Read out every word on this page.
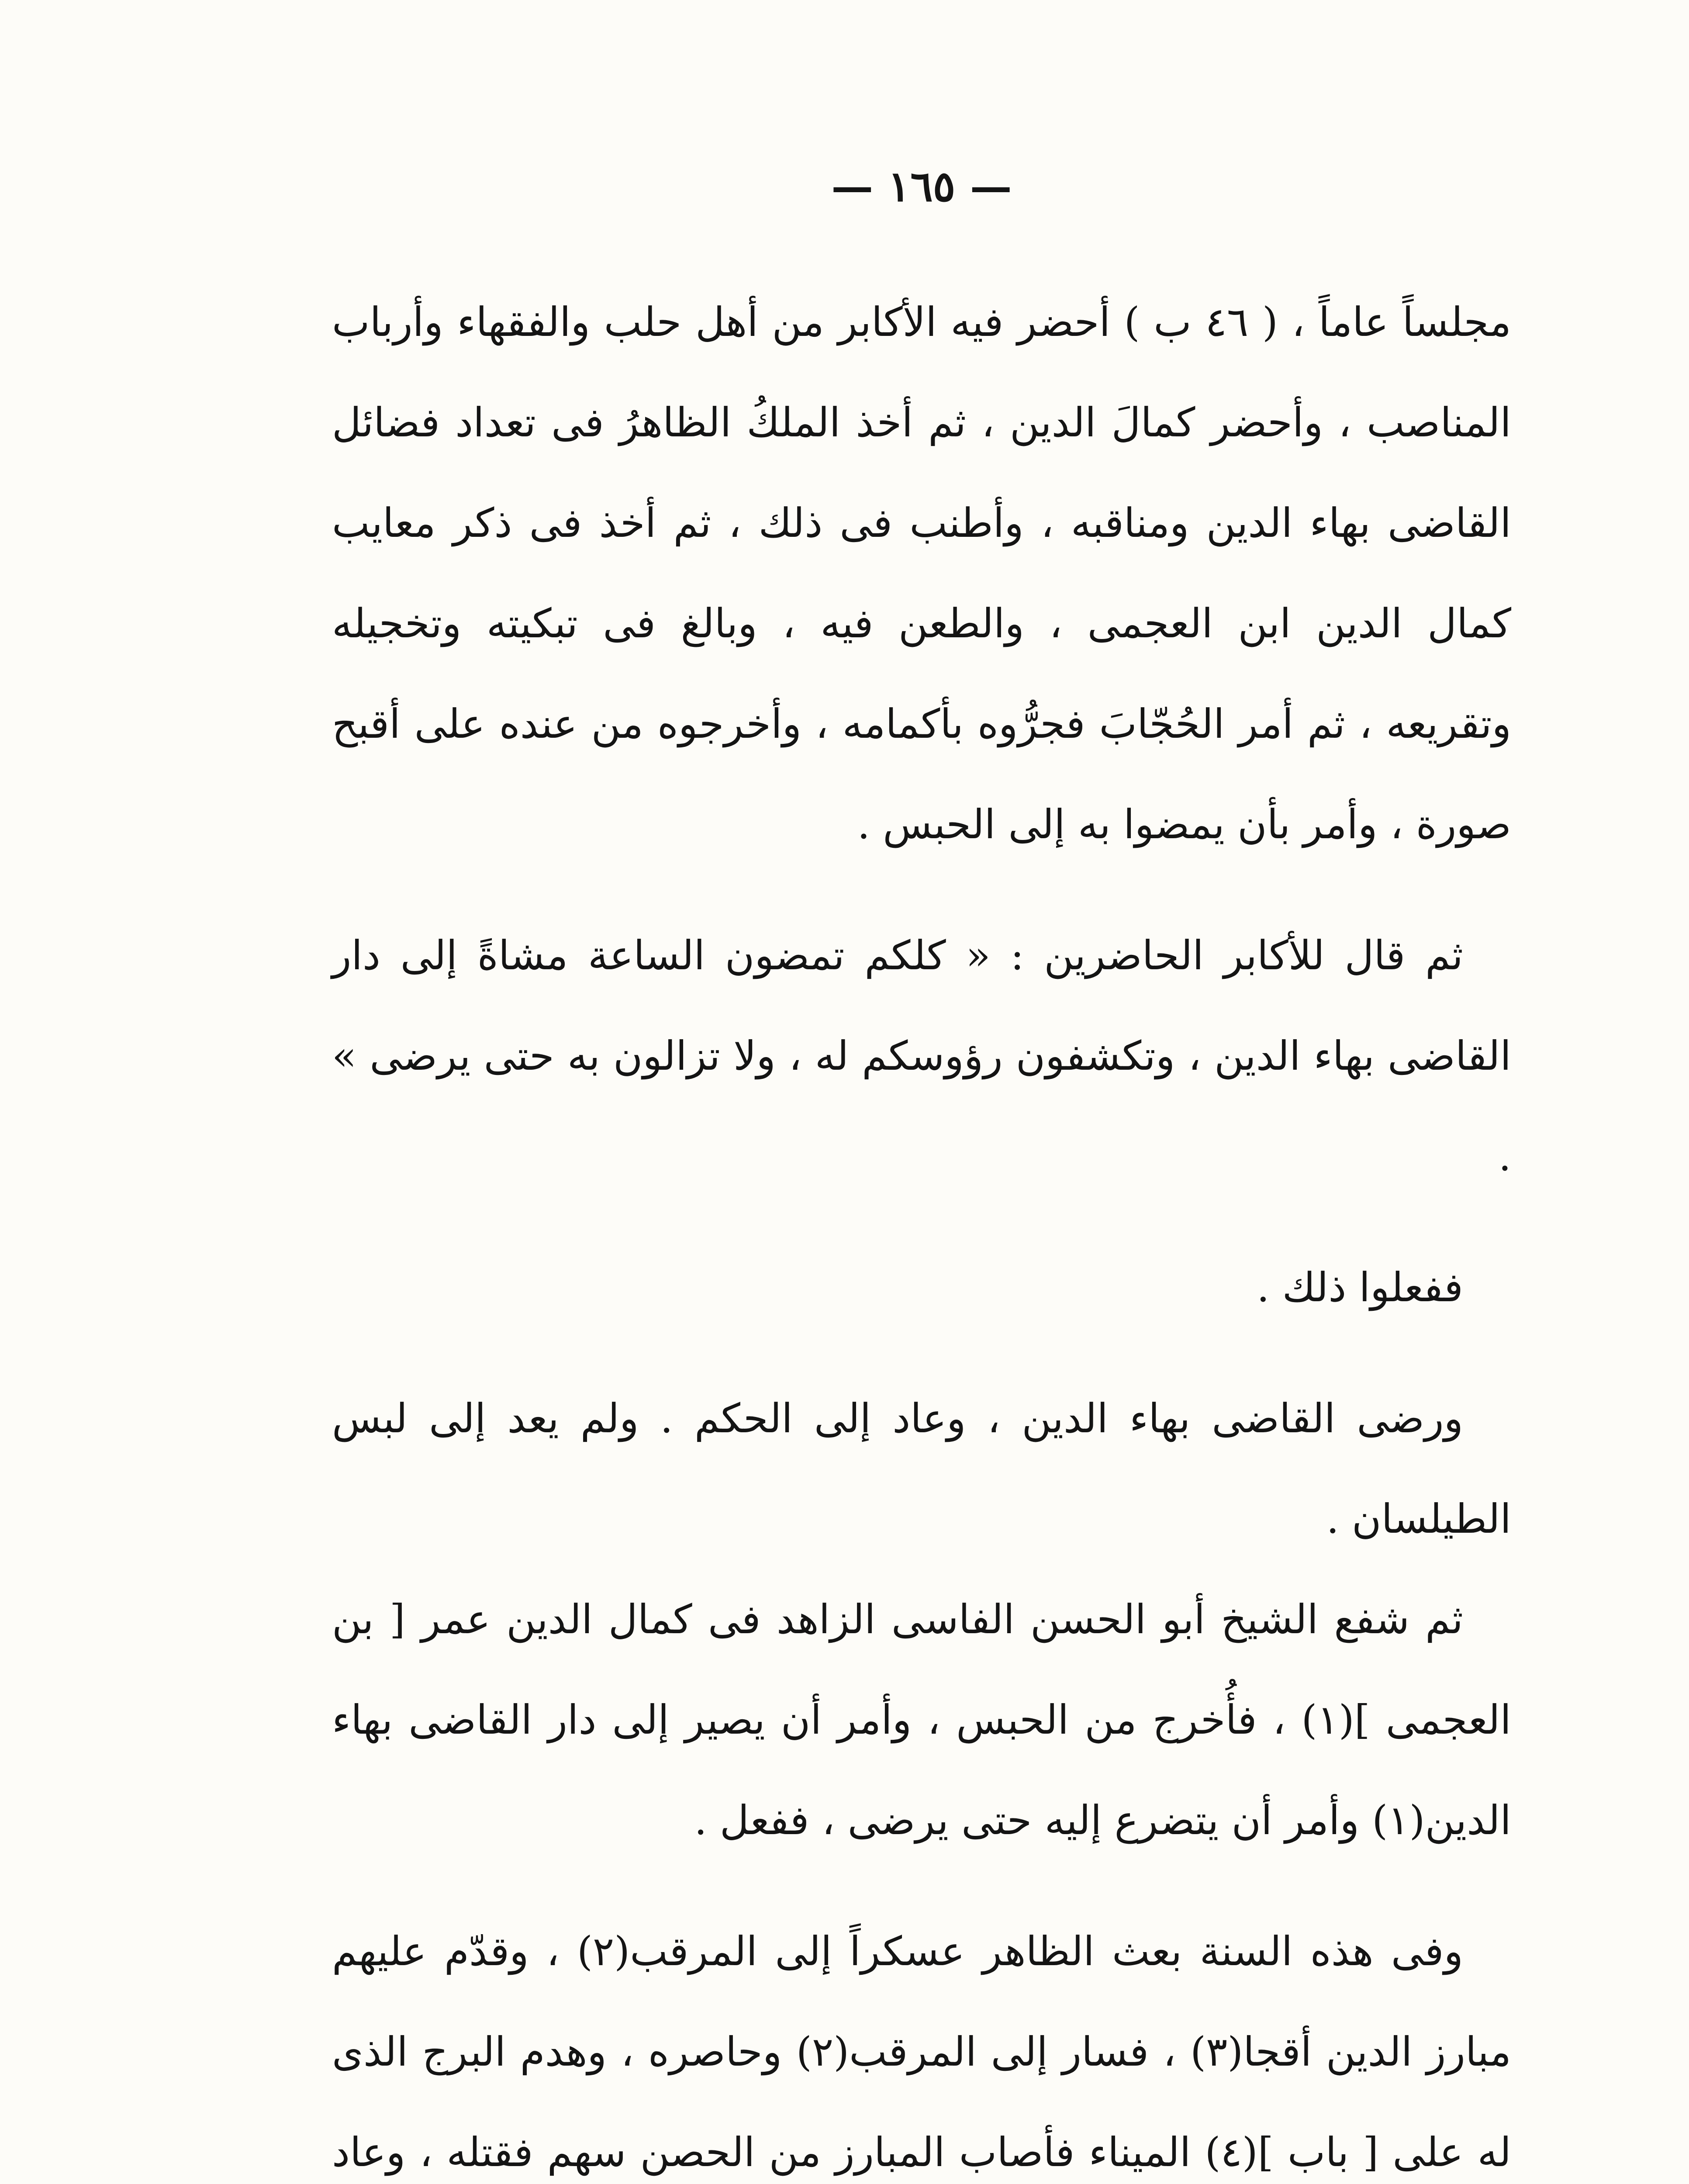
— ١٦٥ —

مجلساً عاماً ، ( ٤٦ ب ) أحضر فيه الأكابر من أهل حلب والفقهاء وأرباب المناصب ، وأحضر كمالَ الدين ، ثم أخذ الملكُ الظاهرُ فى تعداد فضائل القاضى بهاء الدين ومناقبه ، وأطنب فى ذلك ، ثم أخذ فى ذكر معايب كمال الدين ابن العجمى ، والطعن فيه ، وبالغ فى تبكيته وتخجيله وتقريعه ، ثم أمر الحُجّابَ فجرُّوه بأكمامه ، وأخرجوه من عنده على أقبح صورة ، وأمر بأن يمضوا به إلى الحبس .

ثم قال للأكابر الحاضرين : « كلكم تمضون الساعة مشاةً إلى دار القاضى بهاء الدين ، وتكشفون رؤوسكم له ، ولا تزالون به حتى يرضى » .

ففعلوا ذلك .

ورضى القاضى بهاء الدين ، وعاد إلى الحكم . ولم يعد إلى لبس الطيلسان .

ثم شفع الشيخ أبو الحسن الفاسى الزاهد فى كمال الدين عمر [ بن العجمى ](١) ، فأُخرج من الحبس ، وأمر أن يصير إلى دار القاضى بهاء الدين(١) وأمر أن يتضرع إليه حتى يرضى ، ففعل .

وفى هذه السنة بعث الظاهر عسكراً إلى المرقب(٢) ، وقدّم عليهم مبارز الدين أقجا(٣) ، فسار إلى المرقب(٢) وحاصره ، وهدم البرج الذى له على [ باب ](٤) الميناء فأصاب المبارز من الحصن سهم فقتله ، وعاد
